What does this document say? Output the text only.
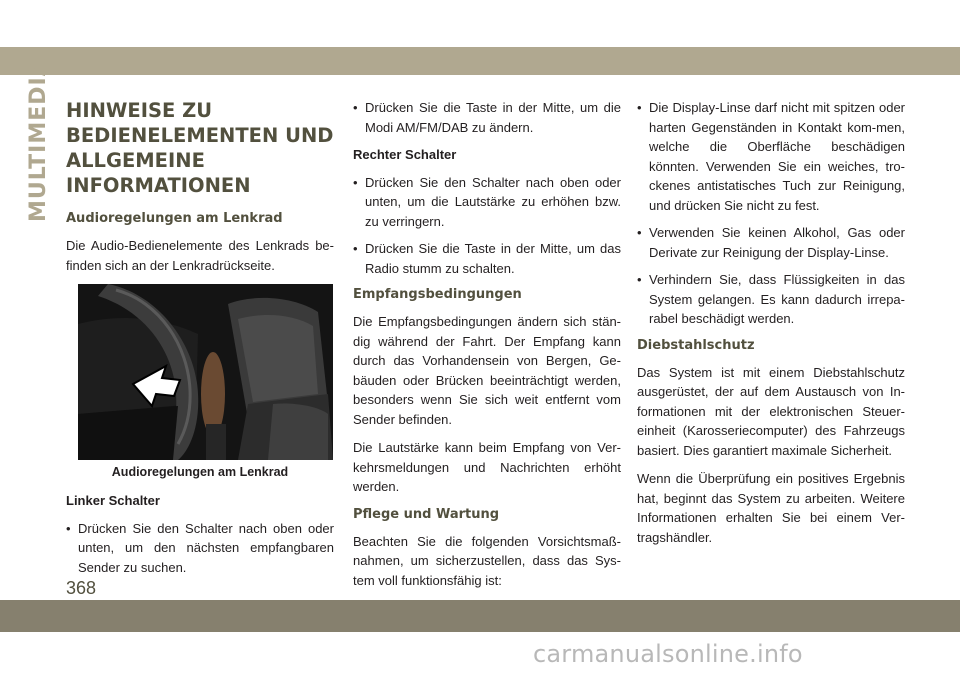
MULTIMEDIA HINWEISE ZU BEDIENELEMENTEN UND ALLGEMEINE INFORMATIONEN
Audioregelungen am Lenkrad

Die Audio-Bedienelemente des Lenkrads be-finden sich an der Lenkradrückseite.

Audioregelungen am Lenkrad

Linker Schalter

• Drücken Sie den Schalter nach oben oder unten, um den nächsten empfangbaren Sender zu suchen.
• Drücken Sie die Taste in der Mitte, um die Modi AM/FM/DAB zu ändern.

Rechter Schalter

• Drücken Sie den Schalter nach oben oder unten, um die Lautstärke zu erhöhen bzw. zu verringern.
• Drücken Sie die Taste in der Mitte, um das Radio stumm zu schalten.
Empfangsbedingungen

Die Empfangsbedingungen ändern sich stän-dig während der Fahrt. Der Empfang kann durch das Vorhandensein von Bergen, Ge-bäuden oder Brücken beeinträchtigt werden, besonders wenn Sie sich weit entfernt vom Sender befinden.

Die Lautstärke kann beim Empfang von Ver-kehrsmeldungen und Nachrichten erhöht werden.

Pflege und Wartung

Beachten Sie die folgenden Vorsichtsmaß-nahmen, um sicherzustellen, dass das Sys-tem voll funktionsfähig ist:

• Die Display-Linse darf nicht mit spitzen oder harten Gegenständen in Kontakt kom-men, welche die Oberfläche beschädigen könnten. Verwenden Sie ein weiches, tro-ckenes antistatisches Tuch zur Reinigung, und drücken Sie nicht zu fest.
• Verwenden Sie keinen Alkohol, Gas oder Derivate zur Reinigung der Display-Linse.
• Verhindern Sie, dass Flüssigkeiten in das System gelangen. Es kann dadurch irrepa-rabel beschädigt werden.
Diebstahlschutz

Das System ist mit einem Diebstahlschutz ausgerüstet, der auf dem Austausch von In-formationen mit der elektronischen Steuer-einheit (Karosseriecomputer) des Fahrzeugs basiert. Dies garantiert maximale Sicherheit.

Wenn die Überprüfung ein positives Ergebnis hat, beginnt das System zu arbeiten. Weitere Informationen erhalten Sie bei einem Ver-tragshändler.

368
carmanualsonline.info
